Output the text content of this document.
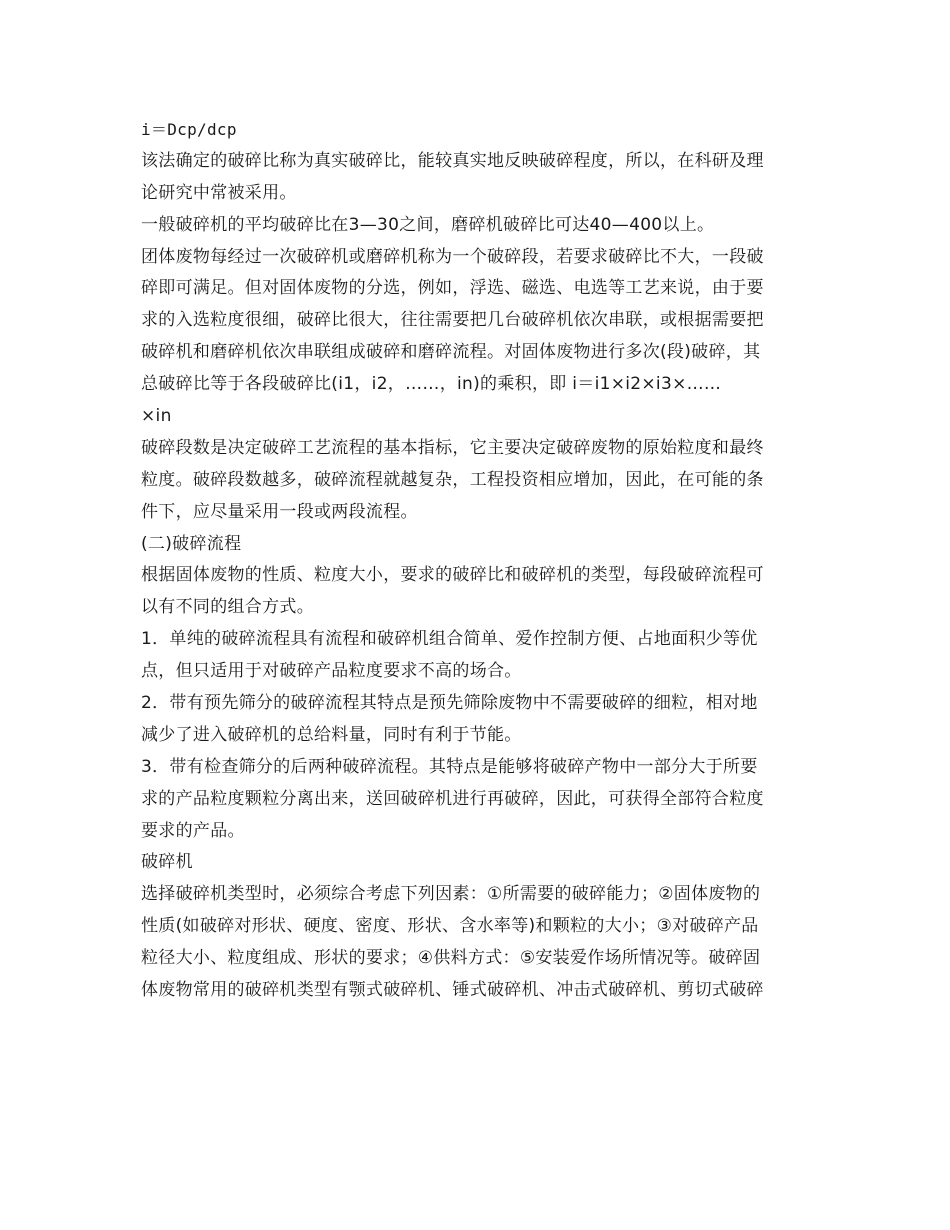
i＝Dcp/dcp
该法确定的破碎比称为真实破碎比，能较真实地反映破碎程度，所以，在科研及理
论研究中常被采用。
一般破碎机的平均破碎比在3—30之间，磨碎机破碎比可达40—400以上。
团体废物每经过一次破碎机或磨碎机称为一个破碎段，若要求破碎比不大，一段破
碎即可满足。但对固体废物的分选，例如，浮选、磁选、电选等工艺来说，由于要
求的入选粒度很细，破碎比很大，往往需要把几台破碎机依次串联，或根据需要把
破碎机和磨碎机依次串联组成破碎和磨碎流程。对固体废物进行多次(段)破碎，其
总破碎比等于各段破碎比(i1，i2，……，in)的乘积，即 i＝i1×i2×i3×……
×in
破碎段数是决定破碎工艺流程的基本指标，它主要决定破碎废物的原始粒度和最终
粒度。破碎段数越多，破碎流程就越复杂，工程投资相应增加，因此，在可能的条
件下，应尽量采用一段或两段流程。
(二)破碎流程
根据固体废物的性质、粒度大小，要求的破碎比和破碎机的类型，每段破碎流程可
以有不同的组合方式。
1．单纯的破碎流程具有流程和破碎机组合简单、爱作控制方便、占地面积少等优
点，但只适用于对破碎产品粒度要求不高的场合。
2．带有预先筛分的破碎流程其特点是预先筛除废物中不需要破碎的细粒，相对地
减少了进入破碎机的总给料量，同时有利于节能。
3．带有检查筛分的后两种破碎流程。其特点是能够将破碎产物中一部分大于所要
求的产品粒度颗粒分离出来，送回破碎机进行再破碎，因此，可获得全部符合粒度
要求的产品。
破碎机
选择破碎机类型时，必须综合考虑下列因素：①所需要的破碎能力；②固体废物的
性质(如破碎对形状、硬度、密度、形状、含水率等)和颗粒的大小；③对破碎产品
粒径大小、粒度组成、形状的要求；④供料方式：⑤安装爱作场所情况等。破碎固
体废物常用的破碎机类型有颚式破碎机、锤式破碎机、冲击式破碎机、剪切式破碎
